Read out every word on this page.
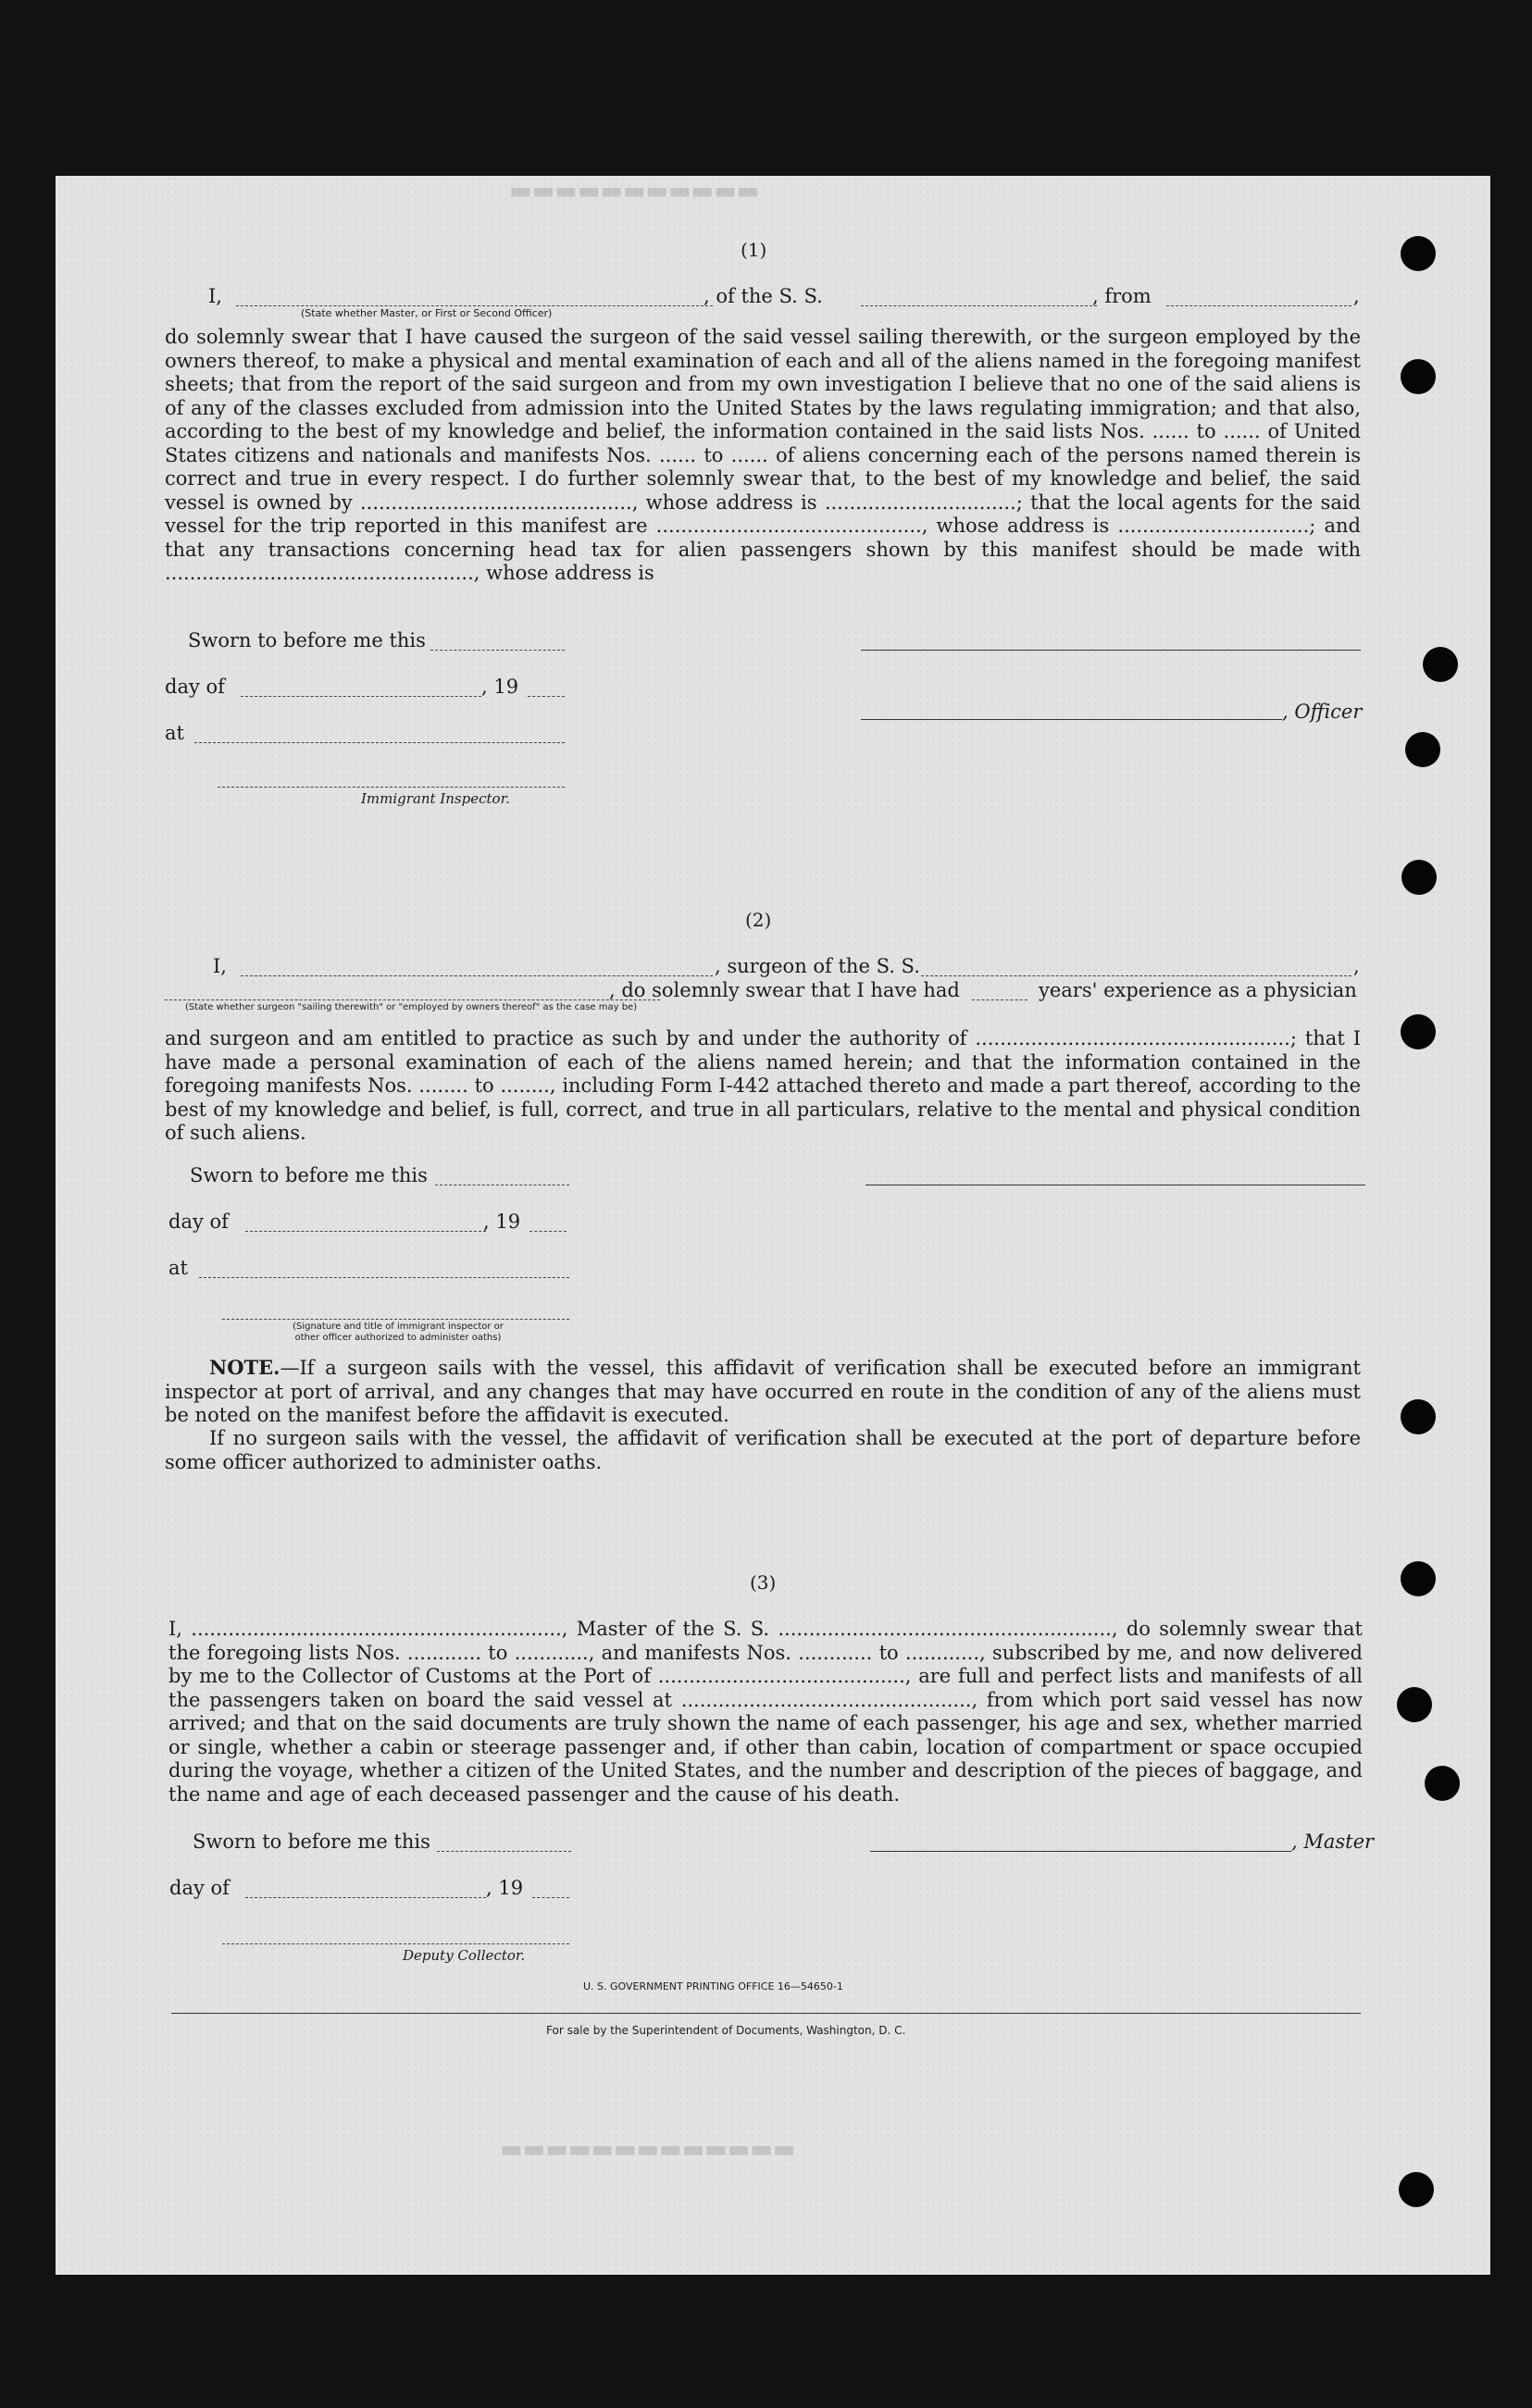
▬▬▬▬▬▬▬▬▬▬▬
▬▬▬▬▬▬▬▬▬▬▬▬▬
(1)
I,	, of the S. S.	, from	,
(State whether Master, or First or Second Officer)
do solemnly swear that I have caused the surgeon of the said vessel sailing therewith, or the surgeon employed by the owners thereof, to make a physical and mental examination of each and all of the aliens named in the foregoing manifest sheets; that from the report of the said surgeon and from my own investigation I believe that no one of the said aliens is of any of the classes excluded from admission into the United States by the laws regulating immigration; and that also, according to the best of my knowledge and belief, the information contained in the said lists Nos. ...... to ...... of United States citizens and nationals and manifests Nos. ...... to ...... of aliens concerning each of the persons named therein is correct and true in every respect. I do further solemnly swear that, to the best of my knowledge and belief, the said vessel is owned by ............................................, whose address is ...............................; that the local agents for the said vessel for the trip reported in this manifest are ..........................................., whose address is ...............................; and that any transactions concerning head tax for alien passengers shown by this manifest should be made with .................................................., whose address is
Sworn to before me this
day of	, 19
, Officer
at
Immigrant Inspector.
(2)
I,	, surgeon of the S. S.	,
, do solemnly swear that I have had	years' experience as a physician
(State whether surgeon "sailing therewith" or "employed by owners thereof" as the case may be)
and surgeon and am entitled to practice as such by and under the authority of ...................................................; that I have made a personal examination of each of the aliens named herein; and that the information contained in the foregoing manifests Nos. ........ to ........, including Form I-442 attached thereto and made a part thereof, according to the best of my knowledge and belief, is full, correct, and true in all particulars, relative to the mental and physical condition of such aliens.
Sworn to before me this
day of	, 19
at
(Signature and title of immigrant inspector or
other officer authorized to administer oaths)
NOTE.—If a surgeon sails with the vessel, this affidavit of verification shall be executed before an immigrant inspector at port of arrival, and any changes that may have occurred en route in the condition of any of the aliens must be noted on the manifest before the affidavit is executed.
If no surgeon sails with the vessel, the affidavit of verification shall be executed at the port of departure before some officer authorized to administer oaths.
(3)
I, ............................................................, Master of the S. S. ......................................................, do solemnly swear that the foregoing lists Nos. ............ to ............, and manifests Nos. ............ to ............, subscribed by me, and now delivered by me to the Collector of Customs at the Port of ........................................, are full and perfect lists and manifests of all the passengers taken on board the said vessel at ..............................................., from which port said vessel has now arrived; and that on the said documents are truly shown the name of each passenger, his age and sex, whether married or single, whether a cabin or steerage passenger and, if other than cabin, location of compartment or space occupied during the voyage, whether a citizen of the United States, and the number and description of the pieces of baggage, and the name and age of each deceased passenger and the cause of his death.
Sworn to before me this	, Master
day of	, 19
Deputy Collector.
U. S. GOVERNMENT PRINTING OFFICE 16—54650-1
For sale by the Superintendent of Documents, Washington, D. C.
